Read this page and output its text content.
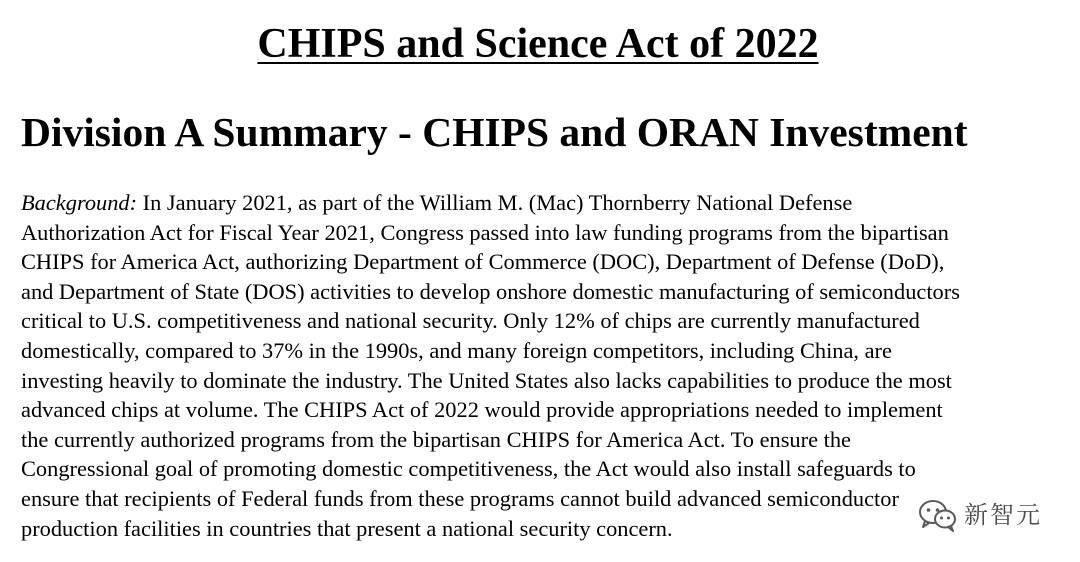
CHIPS and Science Act of 2022
Division A Summary - CHIPS and ORAN Investment

Background: In January 2021, as part of the William M. (Mac) Thornberry National Defense
Authorization Act for Fiscal Year 2021, Congress passed into law funding programs from the bipartisan
CHIPS for America Act, authorizing Department of Commerce (DOC), Department of Defense (DoD),
and Department of State (DOS) activities to develop onshore domestic manufacturing of semiconductors
critical to U.S. competitiveness and national security. Only 12% of chips are currently manufactured
domestically, compared to 37% in the 1990s, and many foreign competitors, including China, are
investing heavily to dominate the industry. The United States also lacks capabilities to produce the most
advanced chips at volume. The CHIPS Act of 2022 would provide appropriations needed to implement
the currently authorized programs from the bipartisan CHIPS for America Act. To ensure the
Congressional goal of promoting domestic competitiveness, the Act would also install safeguards to
ensure that recipients of Federal funds from these programs cannot build advanced semiconductor
production facilities in countries that present a national security concern.	新智元
